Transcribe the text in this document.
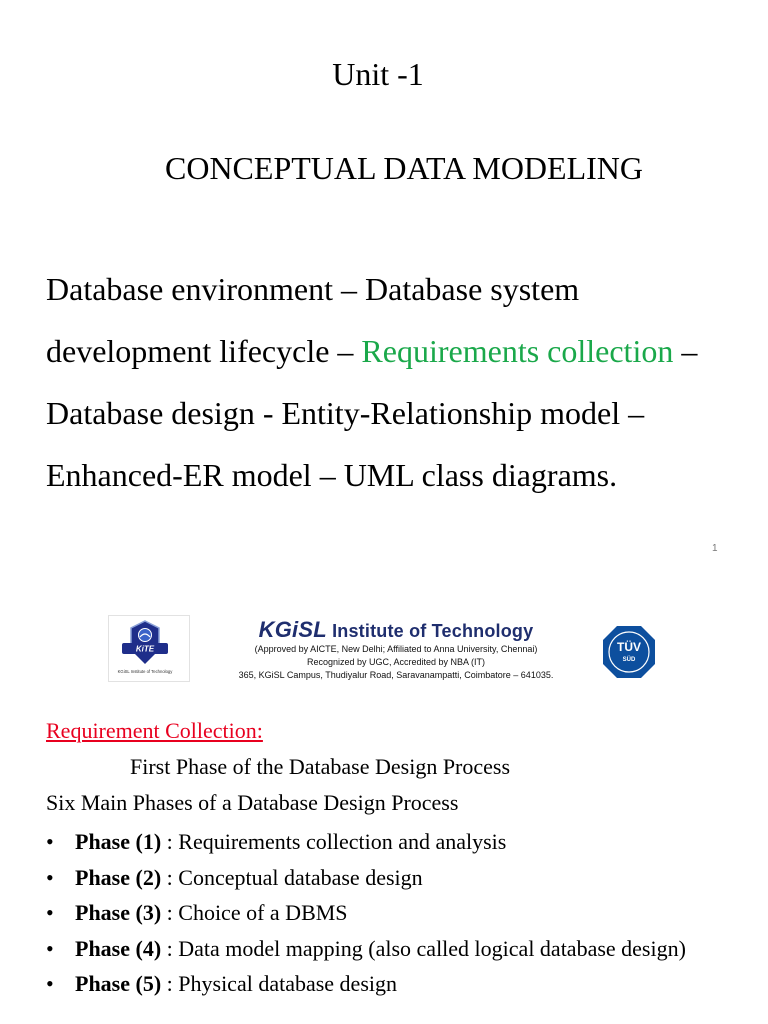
Unit -1
CONCEPTUAL DATA MODELING
Database environment – Database system development lifecycle – Requirements collection – Database design - Entity-Relationship model – Enhanced-ER model – UML class diagrams.
1
KiTE
KGiSL Institute of Technology
KGiSL Institute of Technology
(Approved by AICTE, New Delhi; Affiliated to Anna University, Chennai)
Recognized by UGC, Accredited by NBA (IT)
365, KGiSL Campus, Thudiyalur Road, Saravanampatti, Coimbatore – 641035.
TÜV
SÜD
Requirement Collection:
First Phase of the Database Design Process
Six Main Phases of a Database Design Process
• Phase (1) : Requirements collection and analysis
• Phase (2) : Conceptual database design
• Phase (3) : Choice of a DBMS
• Phase (4) : Data model mapping (also called logical database design)
• Phase (5) : Physical database design
